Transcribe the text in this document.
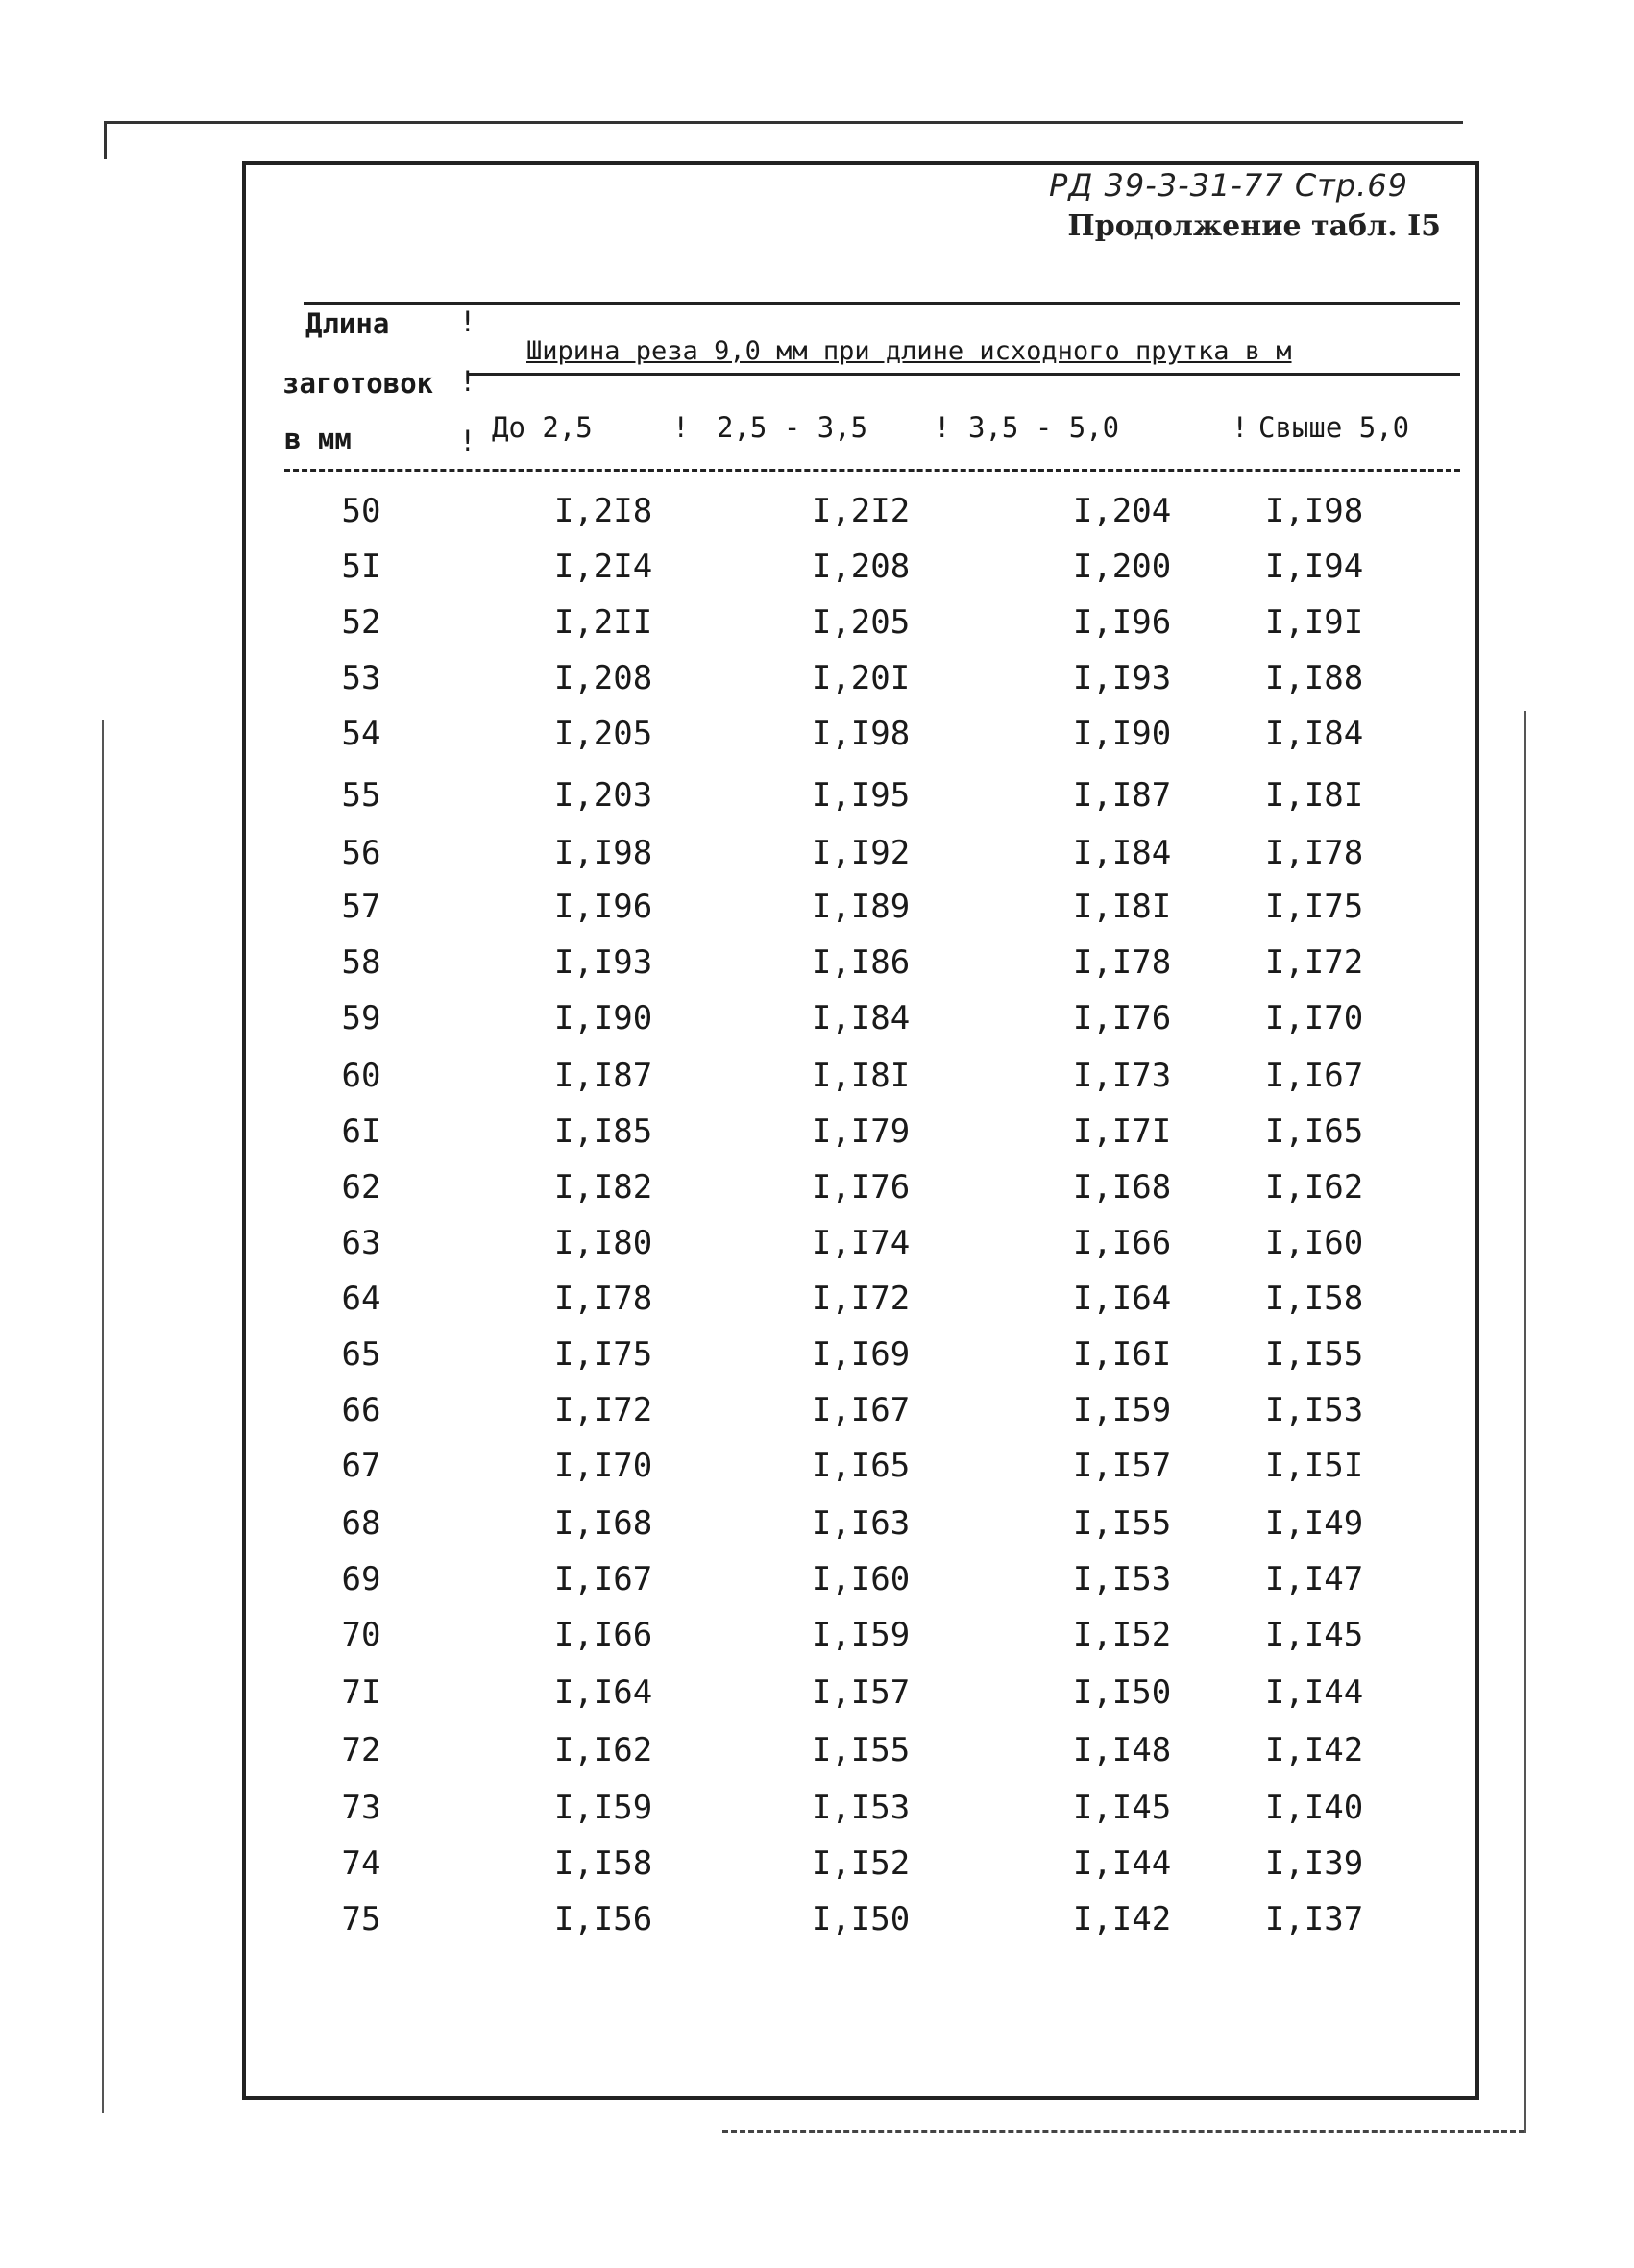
РД 39-3-31-77 Стр.69
Продолжение табл. I5
Длина
заготовок
в мм
!
!
!	!	!	!
Ширина реза 9,0 мм при длине исходного прутка в м
До 2,5	2,5 - 3,5	3,5 - 5,0	Свыше 5,0
50	I,2I8	I,2I2	I,204	I,I98
5I	I,2I4	I,208	I,200	I,I94
52	I,2II	I,205	I,I96	I,I9I
53	I,208	I,20I	I,I93	I,I88
54	I,205	I,I98	I,I90	I,I84
55	I,203	I,I95	I,I87	I,I8I
56	I,I98	I,I92	I,I84	I,I78
57	I,I96	I,I89	I,I8I	I,I75
58	I,I93	I,I86	I,I78	I,I72
59	I,I90	I,I84	I,I76	I,I70
60	I,I87	I,I8I	I,I73	I,I67
6I	I,I85	I,I79	I,I7I	I,I65
62	I,I82	I,I76	I,I68	I,I62
63	I,I80	I,I74	I,I66	I,I60
64	I,I78	I,I72	I,I64	I,I58
65	I,I75	I,I69	I,I6I	I,I55
66	I,I72	I,I67	I,I59	I,I53
67	I,I70	I,I65	I,I57	I,I5I
68	I,I68	I,I63	I,I55	I,I49
69	I,I67	I,I60	I,I53	I,I47
70	I,I66	I,I59	I,I52	I,I45
7I	I,I64	I,I57	I,I50	I,I44
72	I,I62	I,I55	I,I48	I,I42
73	I,I59	I,I53	I,I45	I,I40
74	I,I58	I,I52	I,I44	I,I39
75	I,I56	I,I50	I,I42	I,I37
